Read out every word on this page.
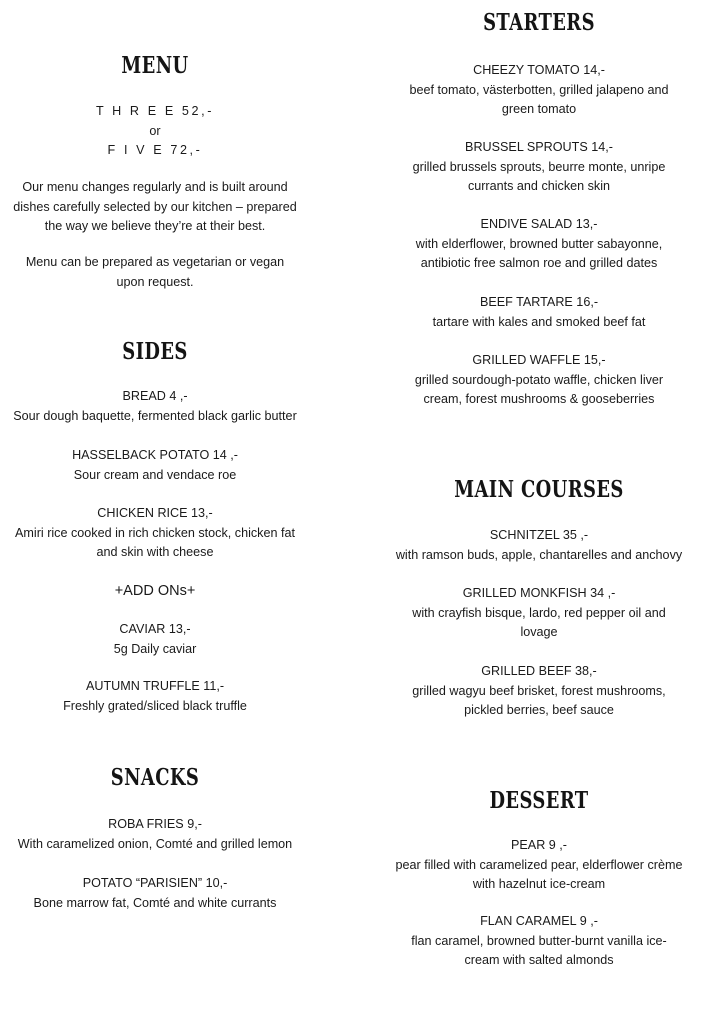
MENU
T H R E E 52,-
or
F I V E 72,-
Our menu changes regularly and is built around
dishes carefully selected by our kitchen – prepared
the way we believe they’re at their best.
Menu can be prepared as vegetarian or vegan
upon request.
SIDES
BREAD 4 ,-
Sour dough baquette, fermented black garlic butter
HASSELBACK POTATO 14 ,-
Sour cream and vendace roe
CHICKEN RICE 13,-
Amiri rice cooked in rich chicken stock, chicken fat
and skin with cheese
+ADD ONs+
CAVIAR 13,-
5g Daily caviar
AUTUMN TRUFFLE 11,-
Freshly grated/sliced black truffle
SNACKS
ROBA FRIES 9,-
With caramelized onion, Comté and grilled lemon
POTATO “PARISIEN” 10,-
Bone marrow fat, Comté and white currants
STARTERS
CHEEZY TOMATO 14,-
beef tomato, västerbotten, grilled jalapeno and
green tomato
BRUSSEL SPROUTS 14,-
grilled brussels sprouts, beurre monte, unripe
currants and chicken skin
ENDIVE SALAD 13,-
with elderflower, browned butter sabayonne,
antibiotic free salmon roe and grilled dates
BEEF TARTARE 16,-
tartare with kales and smoked beef fat
GRILLED WAFFLE 15,-
grilled sourdough-potato waffle, chicken liver
cream, forest mushrooms & gooseberries
MAIN COURSES
SCHNITZEL 35 ,-
with ramson buds, apple, chantarelles and anchovy
GRILLED MONKFISH 34 ,-
with crayfish bisque, lardo, red pepper oil and
lovage
GRILLED BEEF 38,-
grilled wagyu beef brisket, forest mushrooms,
pickled berries, beef sauce
DESSERT
PEAR 9 ,-
pear filled with caramelized pear, elderflower crème
with hazelnut ice-cream
FLAN CARAMEL 9 ,-
flan caramel, browned butter-burnt vanilla ice-
cream with salted almonds
